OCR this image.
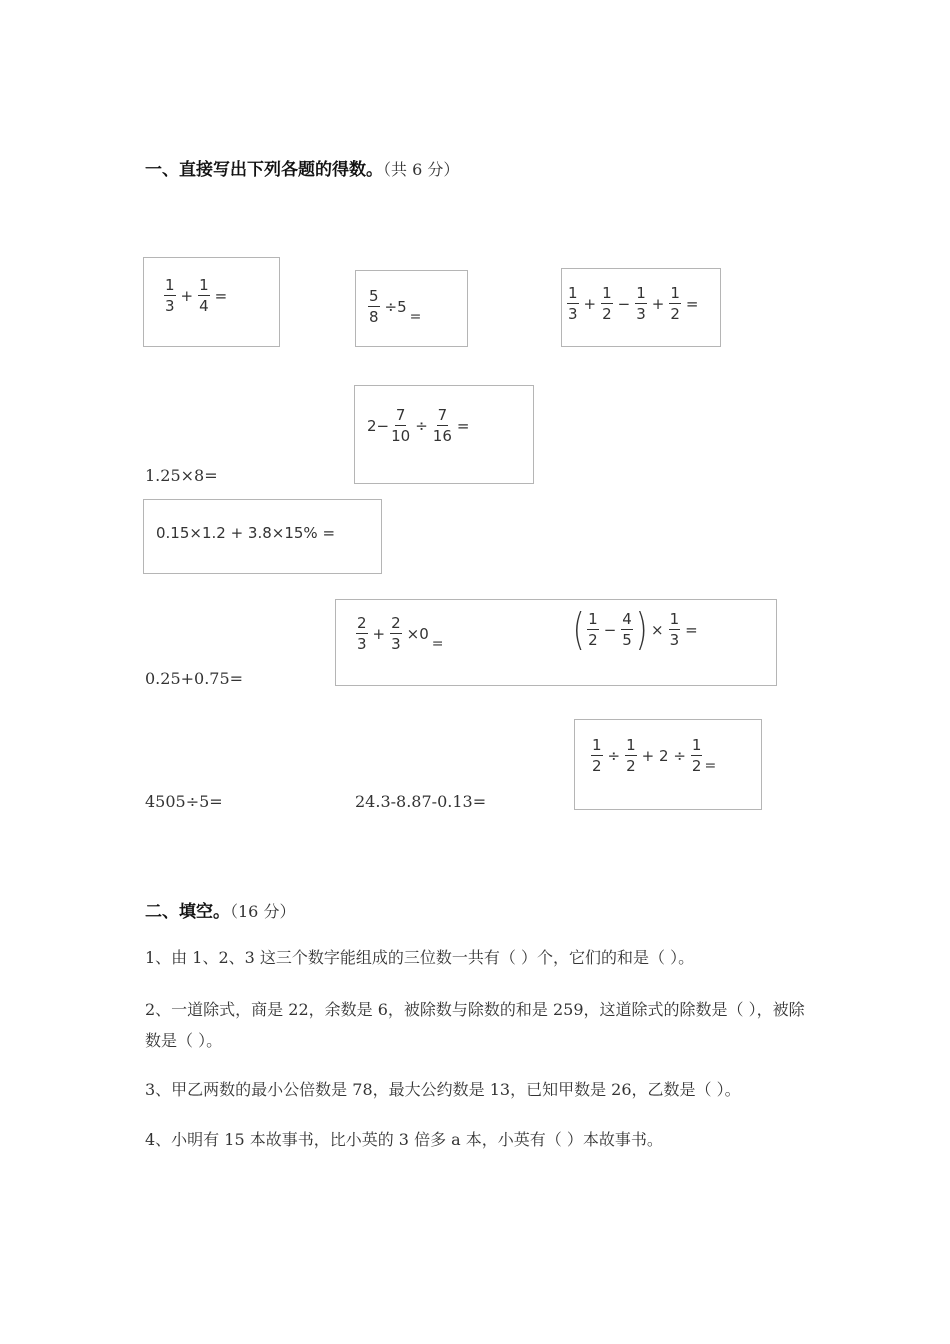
一、直接写出下列各题的得数。（共 6 分）
$\frac{1}{3} + \frac{1}{4}$ =	$\frac{5}{8} \div 5$
=	$\frac{1}{3} + \frac{1}{2} - \frac{1}{3} + \frac{1}{2}$ =
$2- \frac{7}{10} \div \frac{7}{16}$ =
1.25×8=
0.15×1.2 + 3.8×15% =
$\frac{2}{3} + \frac{2}{3} \times 0$
=	( $\frac{1}{2} - \frac{4}{5}$ ) × $\frac{1}{3}$ =
0.25+0.75=
$\frac{1}{2} \div \frac{1}{2} + 2 \div \frac{1}{2}$ =
4505÷5=	24.3-8.87-0.13=
二、填空。（16 分）
1、由 1、2、3 这三个数字能组成的三位数一共有（ ）个，它们的和是（ ）。
2、一道除式，商是 22，余数是 6，被除数与除数的和是 259，这道除式的除数是（ ），被除数是（ ）。
3、甲乙两数的最小公倍数是 78，最大公约数是 13，已知甲数是 26，乙数是（ ）。
4、小明有 15 本故事书，比小英的 3 倍多 a 本，小英有（ ）本故事书。
